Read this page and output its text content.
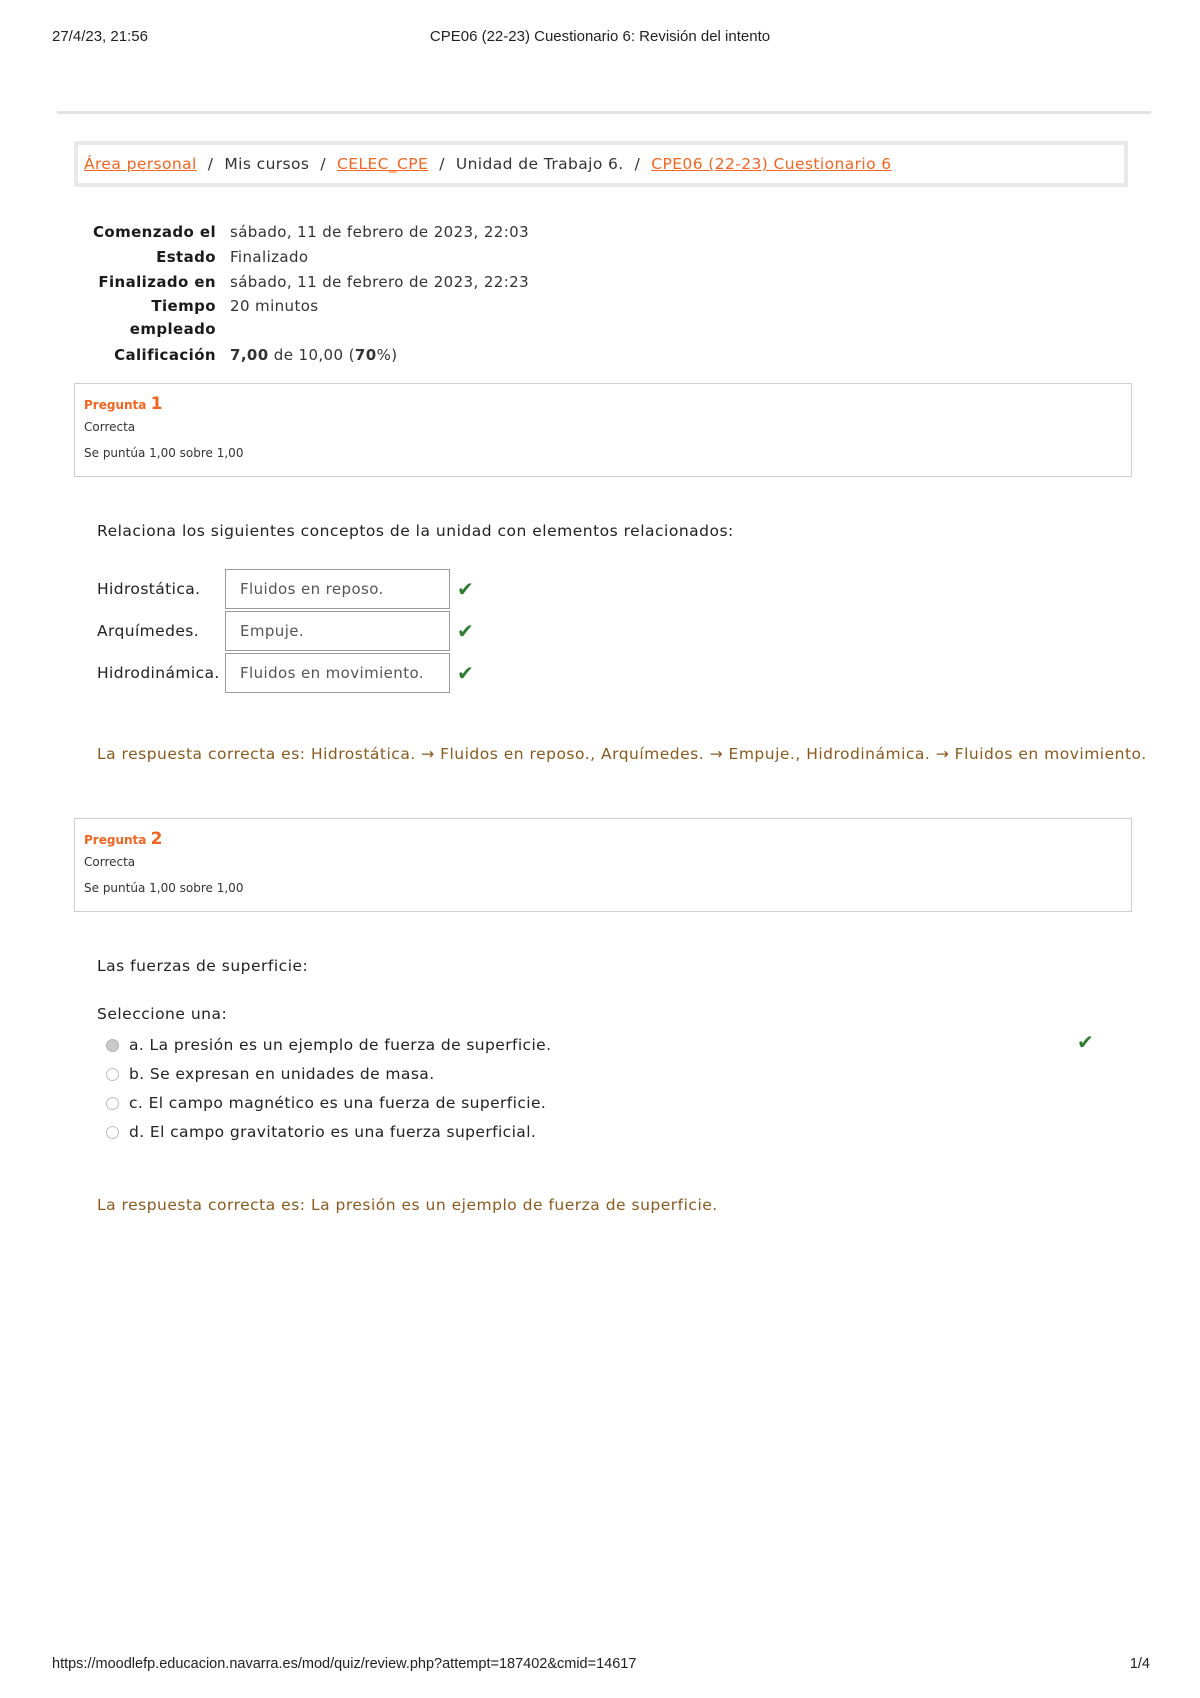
27/4/23, 21:56	CPE06 (22-23) Cuestionario 6: Revisión del intento
Área personal / Mis cursos / CELEC_CPE / Unidad de Trabajo 6. / CPE06 (22-23) Cuestionario 6
Comenzado el sábado, 11 de febrero de 2023, 22:03
Estado Finalizado
Finalizado en sábado, 11 de febrero de 2023, 22:23
Tiempo empleado
20 minutos
Calificación 7,00 de 10,00 (70%)
Pregunta 1
Correcta
Se puntúa 1,00 sobre 1,00
Relaciona los siguientes conceptos de la unidad con elementos relacionados:
Hidrostática.	Fluidos en reposo.	✔
Arquímedes.	Empuje.	✔
Hidrodinámica.	Fluidos en movimiento.	✔
La respuesta correcta es: Hidrostática. → Fluidos en reposo., Arquímedes. → Empuje., Hidrodinámica. → Fluidos en movimiento.
Pregunta 2
Correcta
Se puntúa 1,00 sobre 1,00
Las fuerzas de superficie:
Seleccione una:
a. La presión es un ejemplo de fuerza de superficie.	✔
b. Se expresan en unidades de masa.
c. El campo magnético es una fuerza de superficie.
d. El campo gravitatorio es una fuerza superficial.
La respuesta correcta es: La presión es un ejemplo de fuerza de superficie.
https://moodlefp.educacion.navarra.es/mod/quiz/review.php?attempt=187402&cmid=14617	1/4
